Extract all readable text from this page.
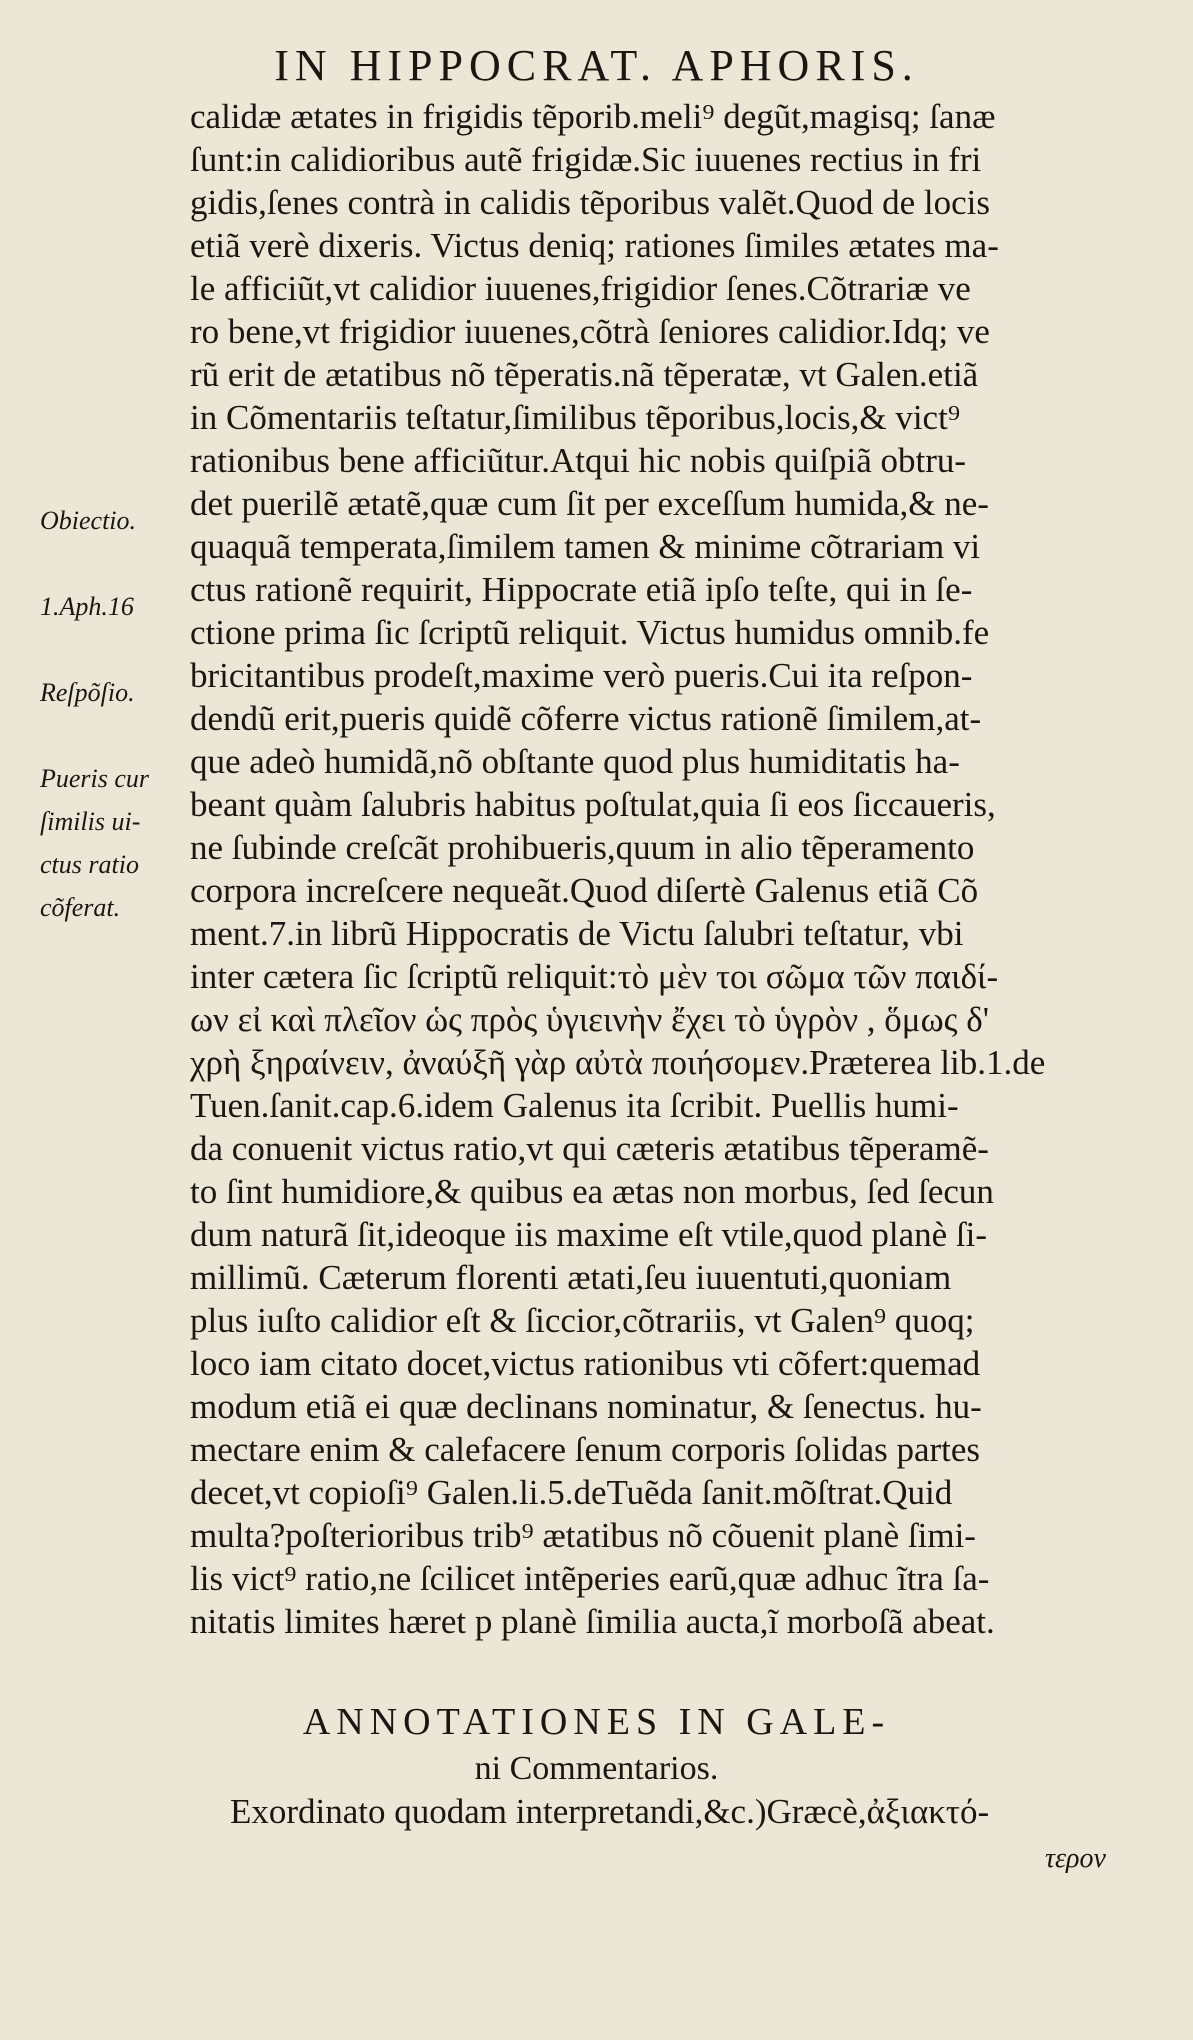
IN HIPPOCRAT. APHORIS.
calidæ ætates in frigidis tẽporib.meli⁹ degũt,magisq; ſanæ
ſunt:in calidioribus autẽ frigidæ.Sic iuuenes rectius in fri
gidis,ſenes contrà in calidis tẽporibus valẽt.Quod de locis
etiã verè dixeris. Victus deniq; rationes ſimiles ætates ma-
le afficiũt,vt calidior iuuenes,frigidior ſenes.Cõtrariæ ve
ro bene,vt frigidior iuuenes,cõtrà ſeniores calidior.Idq; ve
rũ erit de ætatibus nõ tẽperatis.nã tẽperatæ, vt Galen.etiã
in Cõmentariis teſtatur,ſimilibus tẽporibus,locis,& vict⁹
rationibus bene afficiũtur.Atqui hic nobis quiſpiã obtru-
det puerilẽ ætatẽ,quæ cum ſit per exceſſum humida,& ne-
quaquã temperata,ſimilem tamen & minime cõtrariam vi
ctus rationẽ requirit, Hippocrate etiã ipſo teſte, qui in ſe-
ctione prima ſic ſcriptũ reliquit. Victus humidus omnib.fe
bricitantibus prodeſt,maxime verò pueris.Cui ita reſpon-
dendũ erit,pueris quidẽ cõferre victus rationẽ ſimilem,at-
que adeò humidã,nõ obſtante quod plus humiditatis ha-
beant quàm ſalubris habitus poſtulat,quia ſi eos ſiccaueris,
ne ſubinde creſcãt prohibueris,quum in alio tẽperamento
corpora increſcere nequeãt.Quod diſertè Galenus etiã Cõ
ment.7.in librũ Hippocratis de Victu ſalubri teſtatur, vbi
inter cætera ſic ſcriptũ reliquit:τὸ μὲν τοι σῶμα τῶν παιδί-
ων εἰ καὶ πλεῖον ὡς πρὸς ὑγιεινὴν ἔχει τὸ ὑγρὸν , ὅμως δ'
χρὴ ξηραίνειν, ἀναύξῆ γὰρ αὐτὰ ποιήσομεν.Præterea lib.1.de
Tuen.ſanit.cap.6.idem Galenus ita ſcribit. Puellis humi-
da conuenit victus ratio,vt qui cæteris ætatibus tẽperamẽ-
to ſint humidiore,& quibus ea ætas non morbus, ſed ſecun
dum naturã ſit,ideoque iis maxime eſt vtile,quod planè ſi-
millimũ. Cæterum florenti ætati,ſeu iuuentuti,quoniam
plus iuſto calidior eſt & ſiccior,cõtrariis, vt Galen⁹ quoq;
loco iam citato docet,victus rationibus vti cõfert:quemad
modum etiã ei quæ declinans nominatur, & ſenectus. hu-
mectare enim & calefacere ſenum corporis ſolidas partes
decet,vt copioſi⁹ Galen.li.5.deTuẽda ſanit.mõſtrat.Quid
multa?poſterioribus trib⁹ ætatibus nõ cõuenit planè ſimi-
lis vict⁹ ratio,ne ſcilicet intẽperies earũ,quæ adhuc ĩtra ſa-
nitatis limites hæret p planè ſimilia aucta,ĩ morboſã abeat.
Obiectio.
1.Aph.16
Reſpõſio.
Pueris cur
ſimilis ui-
ctus ratio
cõferat.
ANNOTATIONES IN GALE-
ni Commentarios.
Exordinato quodam interpretandi,&c.)Græcè,ἀξιακτό-
τερον
